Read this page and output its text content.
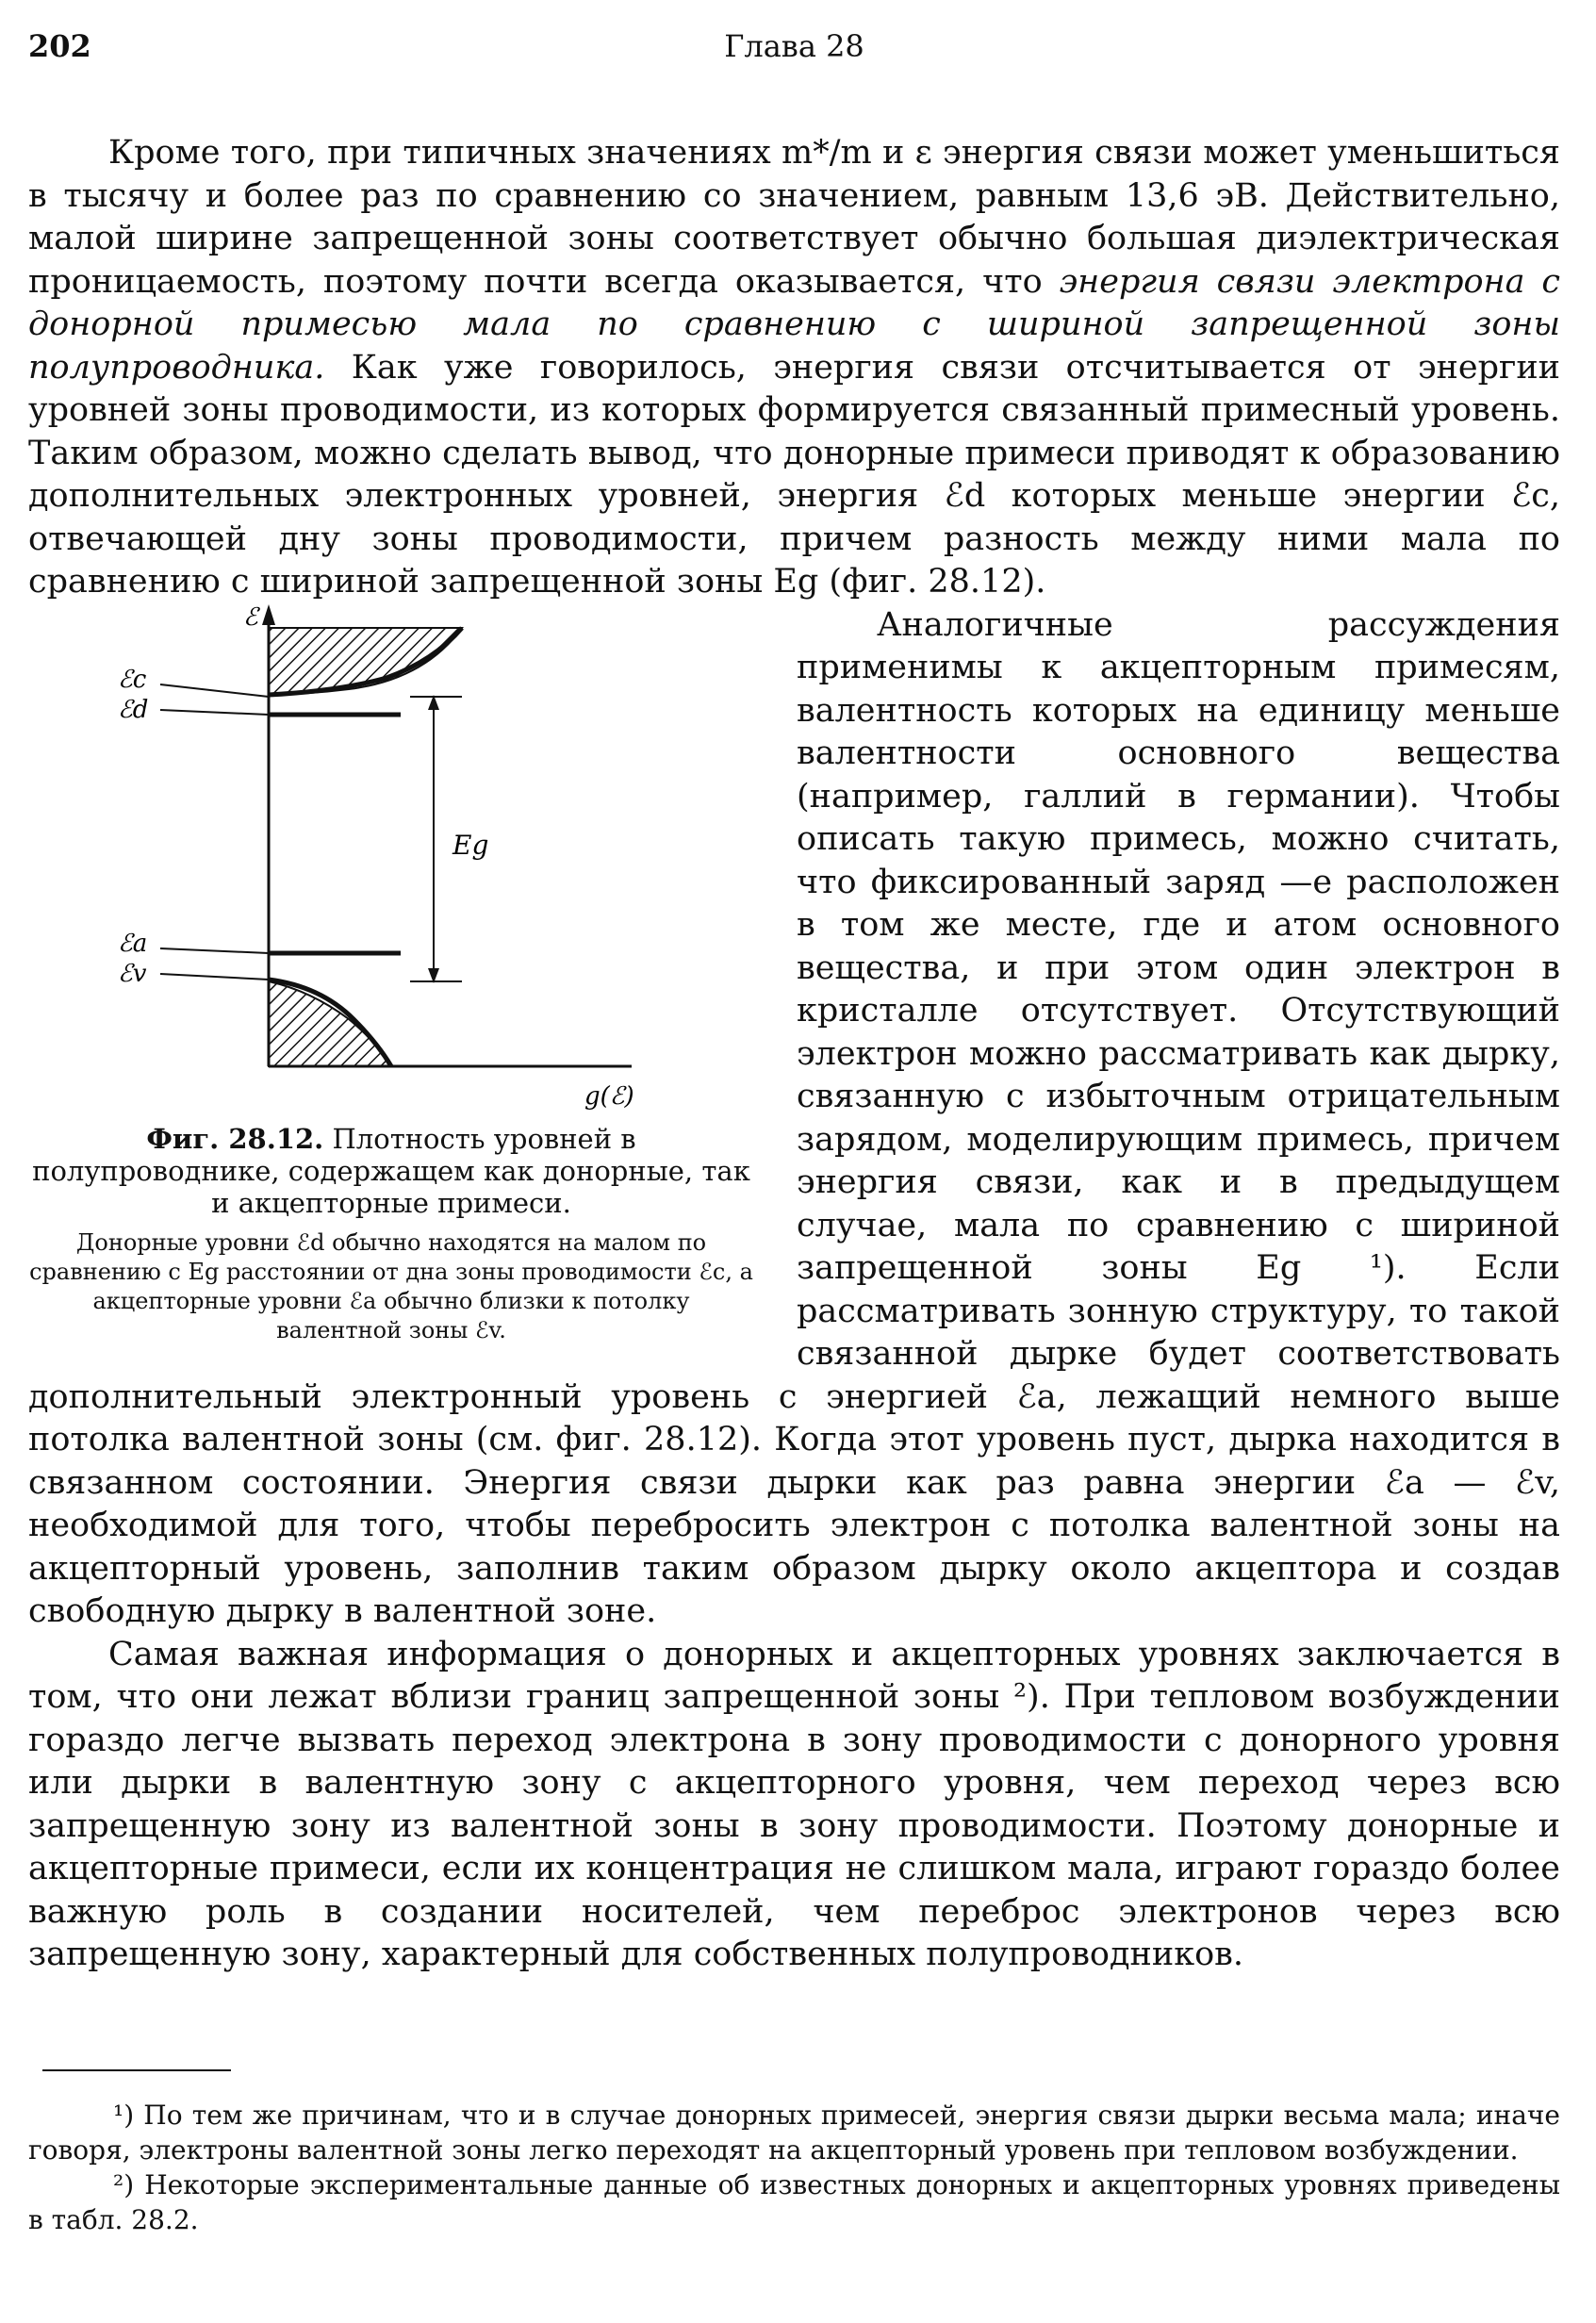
202	Глава 28

Кроме того, при типичных значениях m*/m и ε энергия связи может уменьшиться в тысячу и более раз по сравнению со значением, равным 13,6 эВ. Действительно, малой ширине запрещенной зоны соответствует обычно большая диэлектрическая проницаемость, поэтому почти всегда оказывается, что энергия связи электрона с донорной примесью мала по сравнению с шириной запрещенной зоны полупроводника. Как уже говорилось, энергия связи отсчитывается от энергии уровней зоны проводимости, из которых формируется связанный примесный уровень. Таким образом, можно сделать вывод, что донорные примеси приводят к образованию дополнительных электронных уровней, энергия ℰd которых меньше энергии ℰc, отвечающей дну зоны проводимости, причем разность между ними мала по сравнению с шириной запрещенной зоны Eg (фиг. 28.12).

ℰ
ℰc
ℰd
ℰa
ℰv
Eg
g(ℰ)
Фиг. 28.12. Плотность уровней в полупроводнике, содержащем как донорные, так и акцепторные примеси.
Донорные уровни ℰd обычно находятся на малом по сравнению с Eg расстоянии от дна зоны проводимости ℰc, а акцепторные уровни ℰa обычно близки к потолку валентной зоны ℰv.

Аналогичные рассуждения применимы к акцепторным примесям, валентность которых на единицу меньше валентности основного вещества (например, галлий в германии). Чтобы описать такую примесь, можно считать, что фиксированный заряд —e расположен в том же месте, где и атом основного вещества, и при этом один электрон в кристалле отсутствует. Отсутствующий электрон можно рассматривать как дырку, связанную с избыточным отрицательным зарядом, моделирующим примесь, причем энергия связи, как и в предыдущем случае, мала по сравнению с шириной запрещенной зоны Eg ¹). Если рассматривать зонную структуру, то такой связанной дырке будет соответствовать дополнительный электронный уровень с энергией ℰa, лежащий немного выше потолка валентной зоны (см. фиг. 28.12). Когда этот уровень пуст, дырка находится в связанном состоянии. Энергия связи дырки как раз равна энергии ℰa — ℰv, необходимой для того, чтобы перебросить электрон с потолка валентной зоны на акцепторный уровень, заполнив таким образом дырку около акцептора и создав свободную дырку в валентной зоне.

Самая важная информация о донорных и акцепторных уровнях заключается в том, что они лежат вблизи границ запрещенной зоны ²). При тепловом возбуждении гораздо легче вызвать переход электрона в зону проводимости с донорного уровня или дырки в валентную зону с акцепторного уровня, чем переход через всю запрещенную зону из валентной зоны в зону проводимости. Поэтому донорные и акцепторные примеси, если их концентрация не слишком мала, играют гораздо более важную роль в создании носителей, чем переброс электронов через всю запрещенную зону, характерный для собственных полупроводников.

¹) По тем же причинам, что и в случае донорных примесей, энергия связи дырки весьма мала; иначе говоря, электроны валентной зоны легко переходят на акцепторный уровень при тепловом возбуждении.

²) Некоторые экспериментальные данные об известных донорных и акцепторных уровнях приведены в табл. 28.2.
